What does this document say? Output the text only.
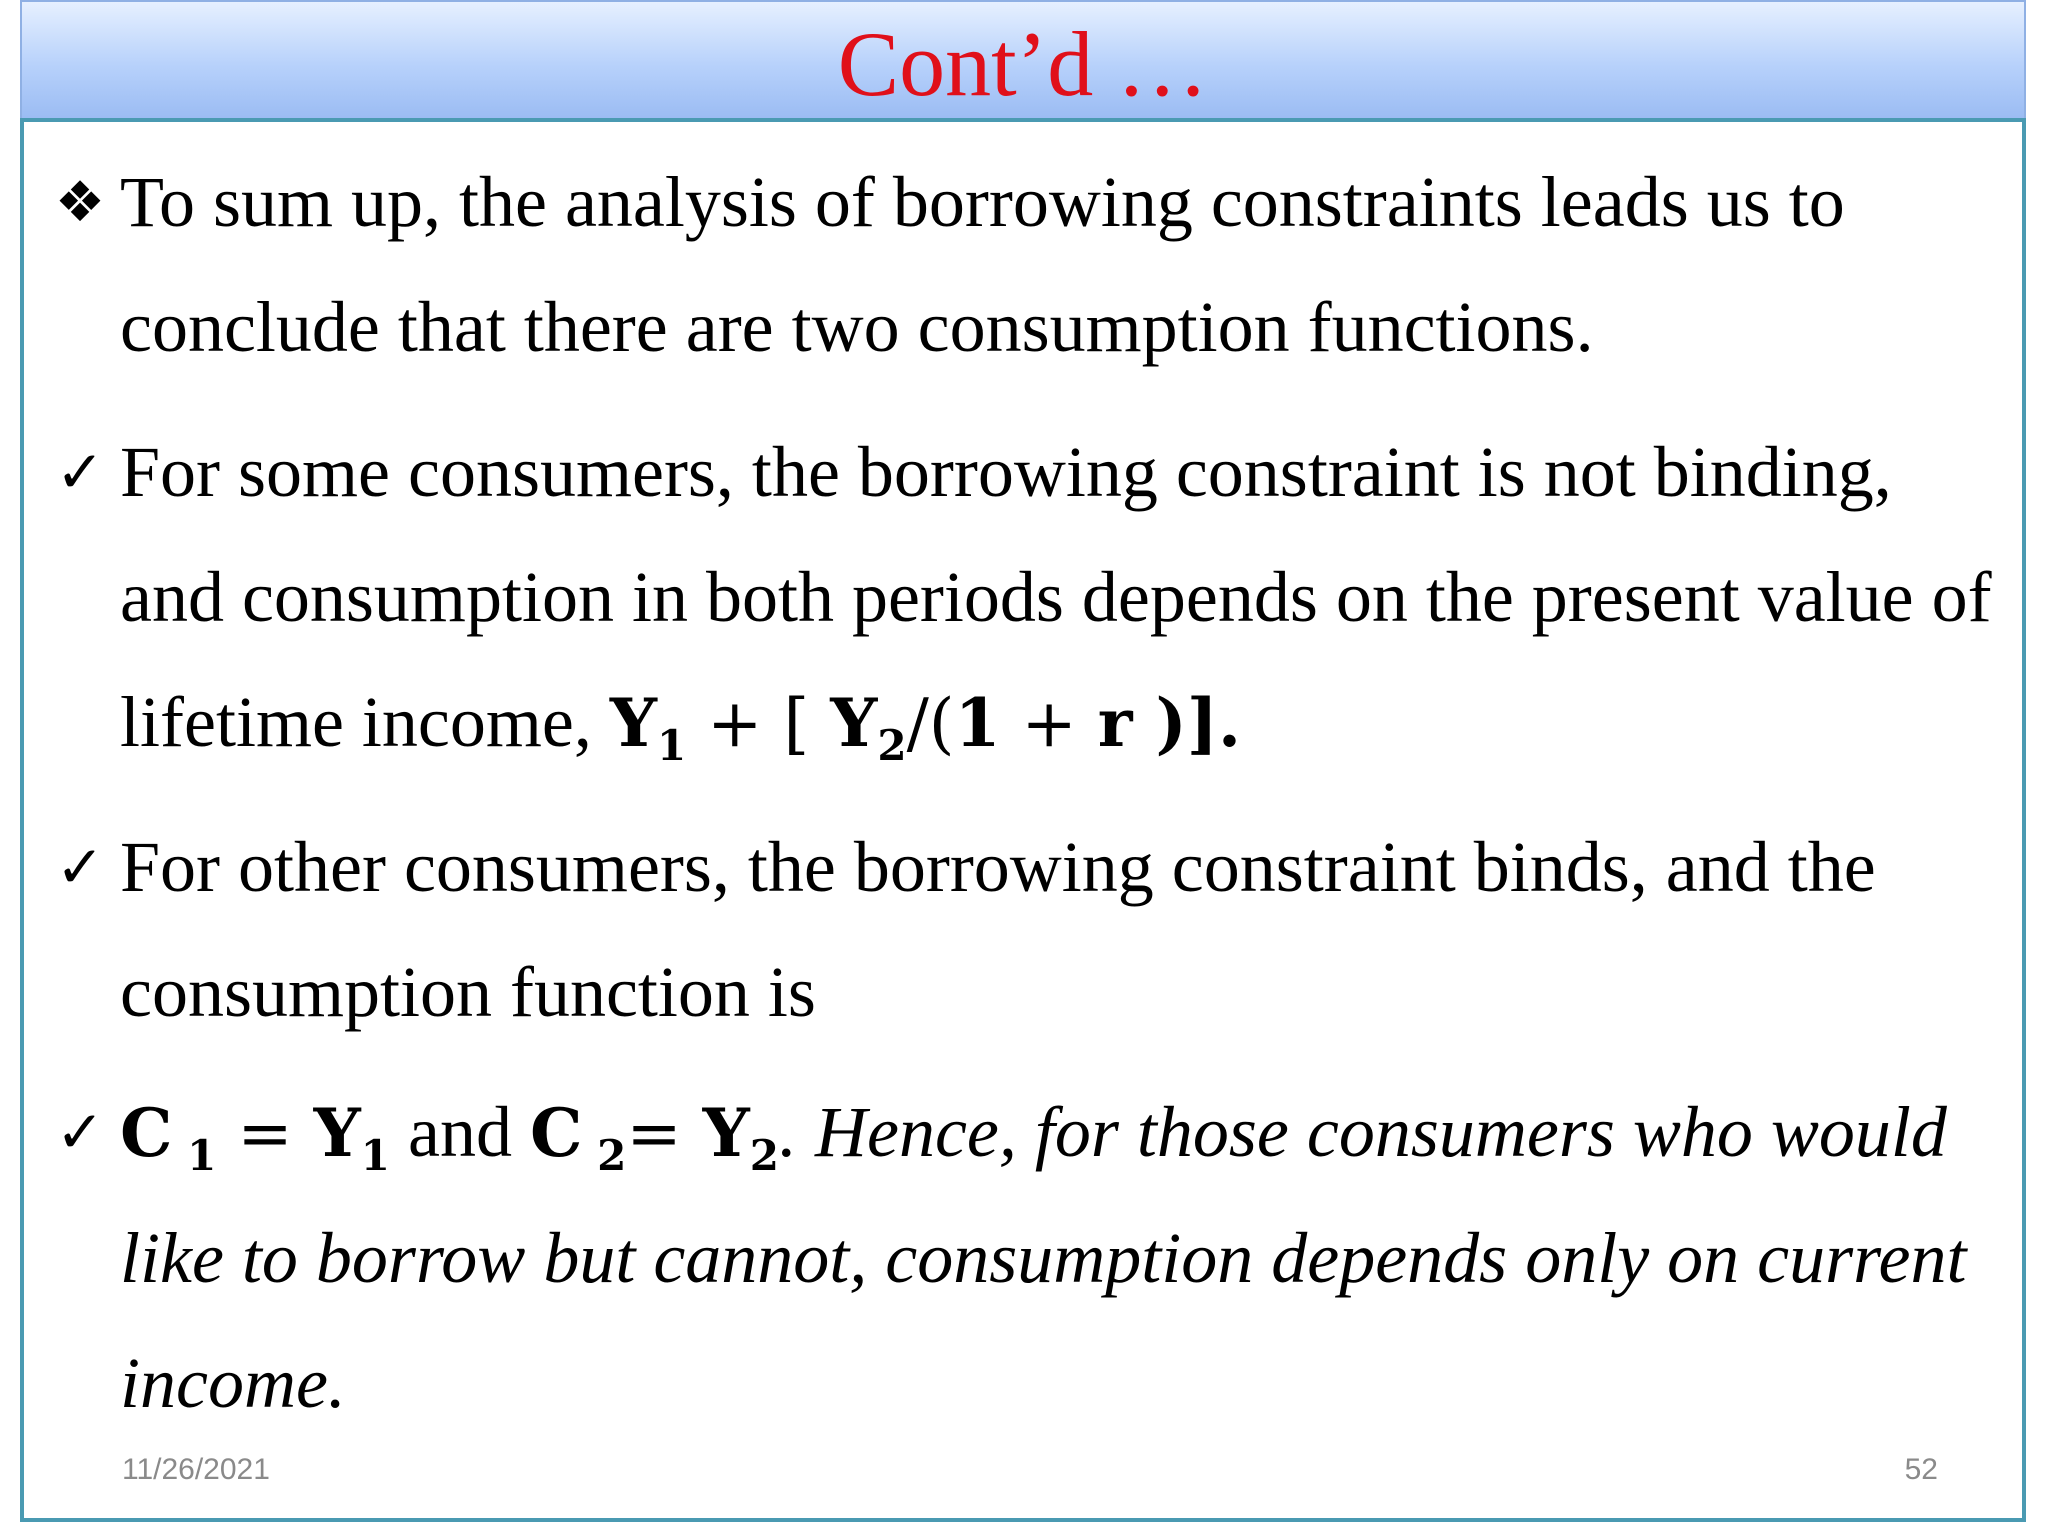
Cont’d …
❖ To sum up, the analysis of borrowing constraints leads us to conclude that there are two consumption functions.
✓ For some consumers, the borrowing constraint is not binding, and consumption in both periods depends on the present value of lifetime income, $Y_1$ + [ $Y_2/(1 + r$ )].
✓ For other consumers, the borrowing constraint binds, and the consumption function is
✓ C $_1 = Y_1$ and C $_2= Y_2$. Hence, for those consumers who would like to borrow but cannot, consumption depends only on current income.
11/26/2021	52
